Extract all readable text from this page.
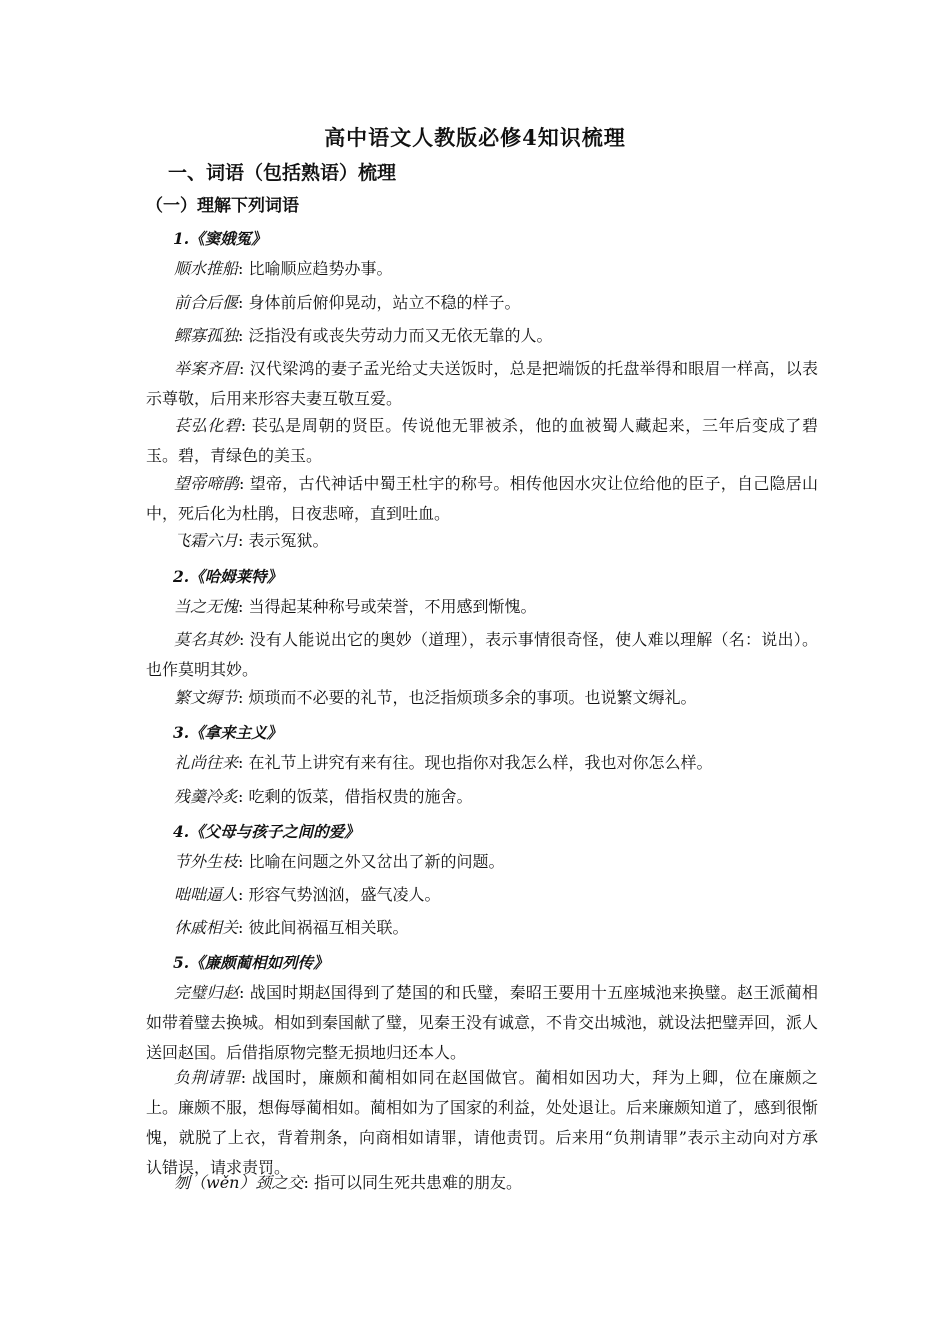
高中语文人教版必修4知识梳理
一、词语（包括熟语）梳理
（一）理解下列词语
1.《窦娥冤》

顺水推船: 比喻顺应趋势办事。

前合后偃: 身体前后俯仰晃动，站立不稳的样子。

鳏寡孤独: 泛指没有或丧失劳动力而又无依无靠的人。

举案齐眉: 汉代梁鸿的妻子孟光给丈夫送饭时，总是把端饭的托盘举得和眼眉一样高，以表示尊敬，后用来形容夫妻互敬互爱。

苌弘化碧: 苌弘是周朝的贤臣。传说他无罪被杀，他的血被蜀人藏起来，三年后变成了碧玉。碧，青绿色的美玉。

望帝啼鹃: 望帝，古代神话中蜀王杜宇的称号。相传他因水灾让位给他的臣子，自己隐居山中，死后化为杜鹃，日夜悲啼，直到吐血。

飞霜六月: 表示冤狱。

2.《哈姆莱特》

当之无愧: 当得起某种称号或荣誉，不用感到惭愧。

莫名其妙: 没有人能说出它的奥妙（道理），表示事情很奇怪，使人难以理解（名：说出）。也作莫明其妙。

繁文缛节: 烦琐而不必要的礼节，也泛指烦琐多余的事项。也说繁文缛礼。

3.《拿来主义》

礼尚往来: 在礼节上讲究有来有往。现也指你对我怎么样，我也对你怎么样。

残羹冷炙: 吃剩的饭菜，借指权贵的施舍。

4.《父母与孩子之间的爱》

节外生枝: 比喻在问题之外又岔出了新的问题。

咄咄逼人: 形容气势汹汹，盛气凌人。

休戚相关: 彼此间祸福互相关联。

5.《廉颇蔺相如列传》

完璧归赵: 战国时期赵国得到了楚国的和氏璧，秦昭王要用十五座城池来换璧。赵王派蔺相如带着璧去换城。相如到秦国献了璧，见秦王没有诚意，不肯交出城池，就设法把璧弄回，派人送回赵国。后借指原物完整无损地归还本人。

负荆请罪: 战国时，廉颇和蔺相如同在赵国做官。蔺相如因功大，拜为上卿，位在廉颇之上。廉颇不服，想侮辱蔺相如。蔺相如为了国家的利益，处处退让。后来廉颇知道了，感到很惭愧，就脱了上衣，背着荆条，向商相如请罪，请他责罚。后来用“负荆请罪”表示主动向对方承认错误，请求责罚。

刎（wěn）颈之交: 指可以同生死共患难的朋友。
